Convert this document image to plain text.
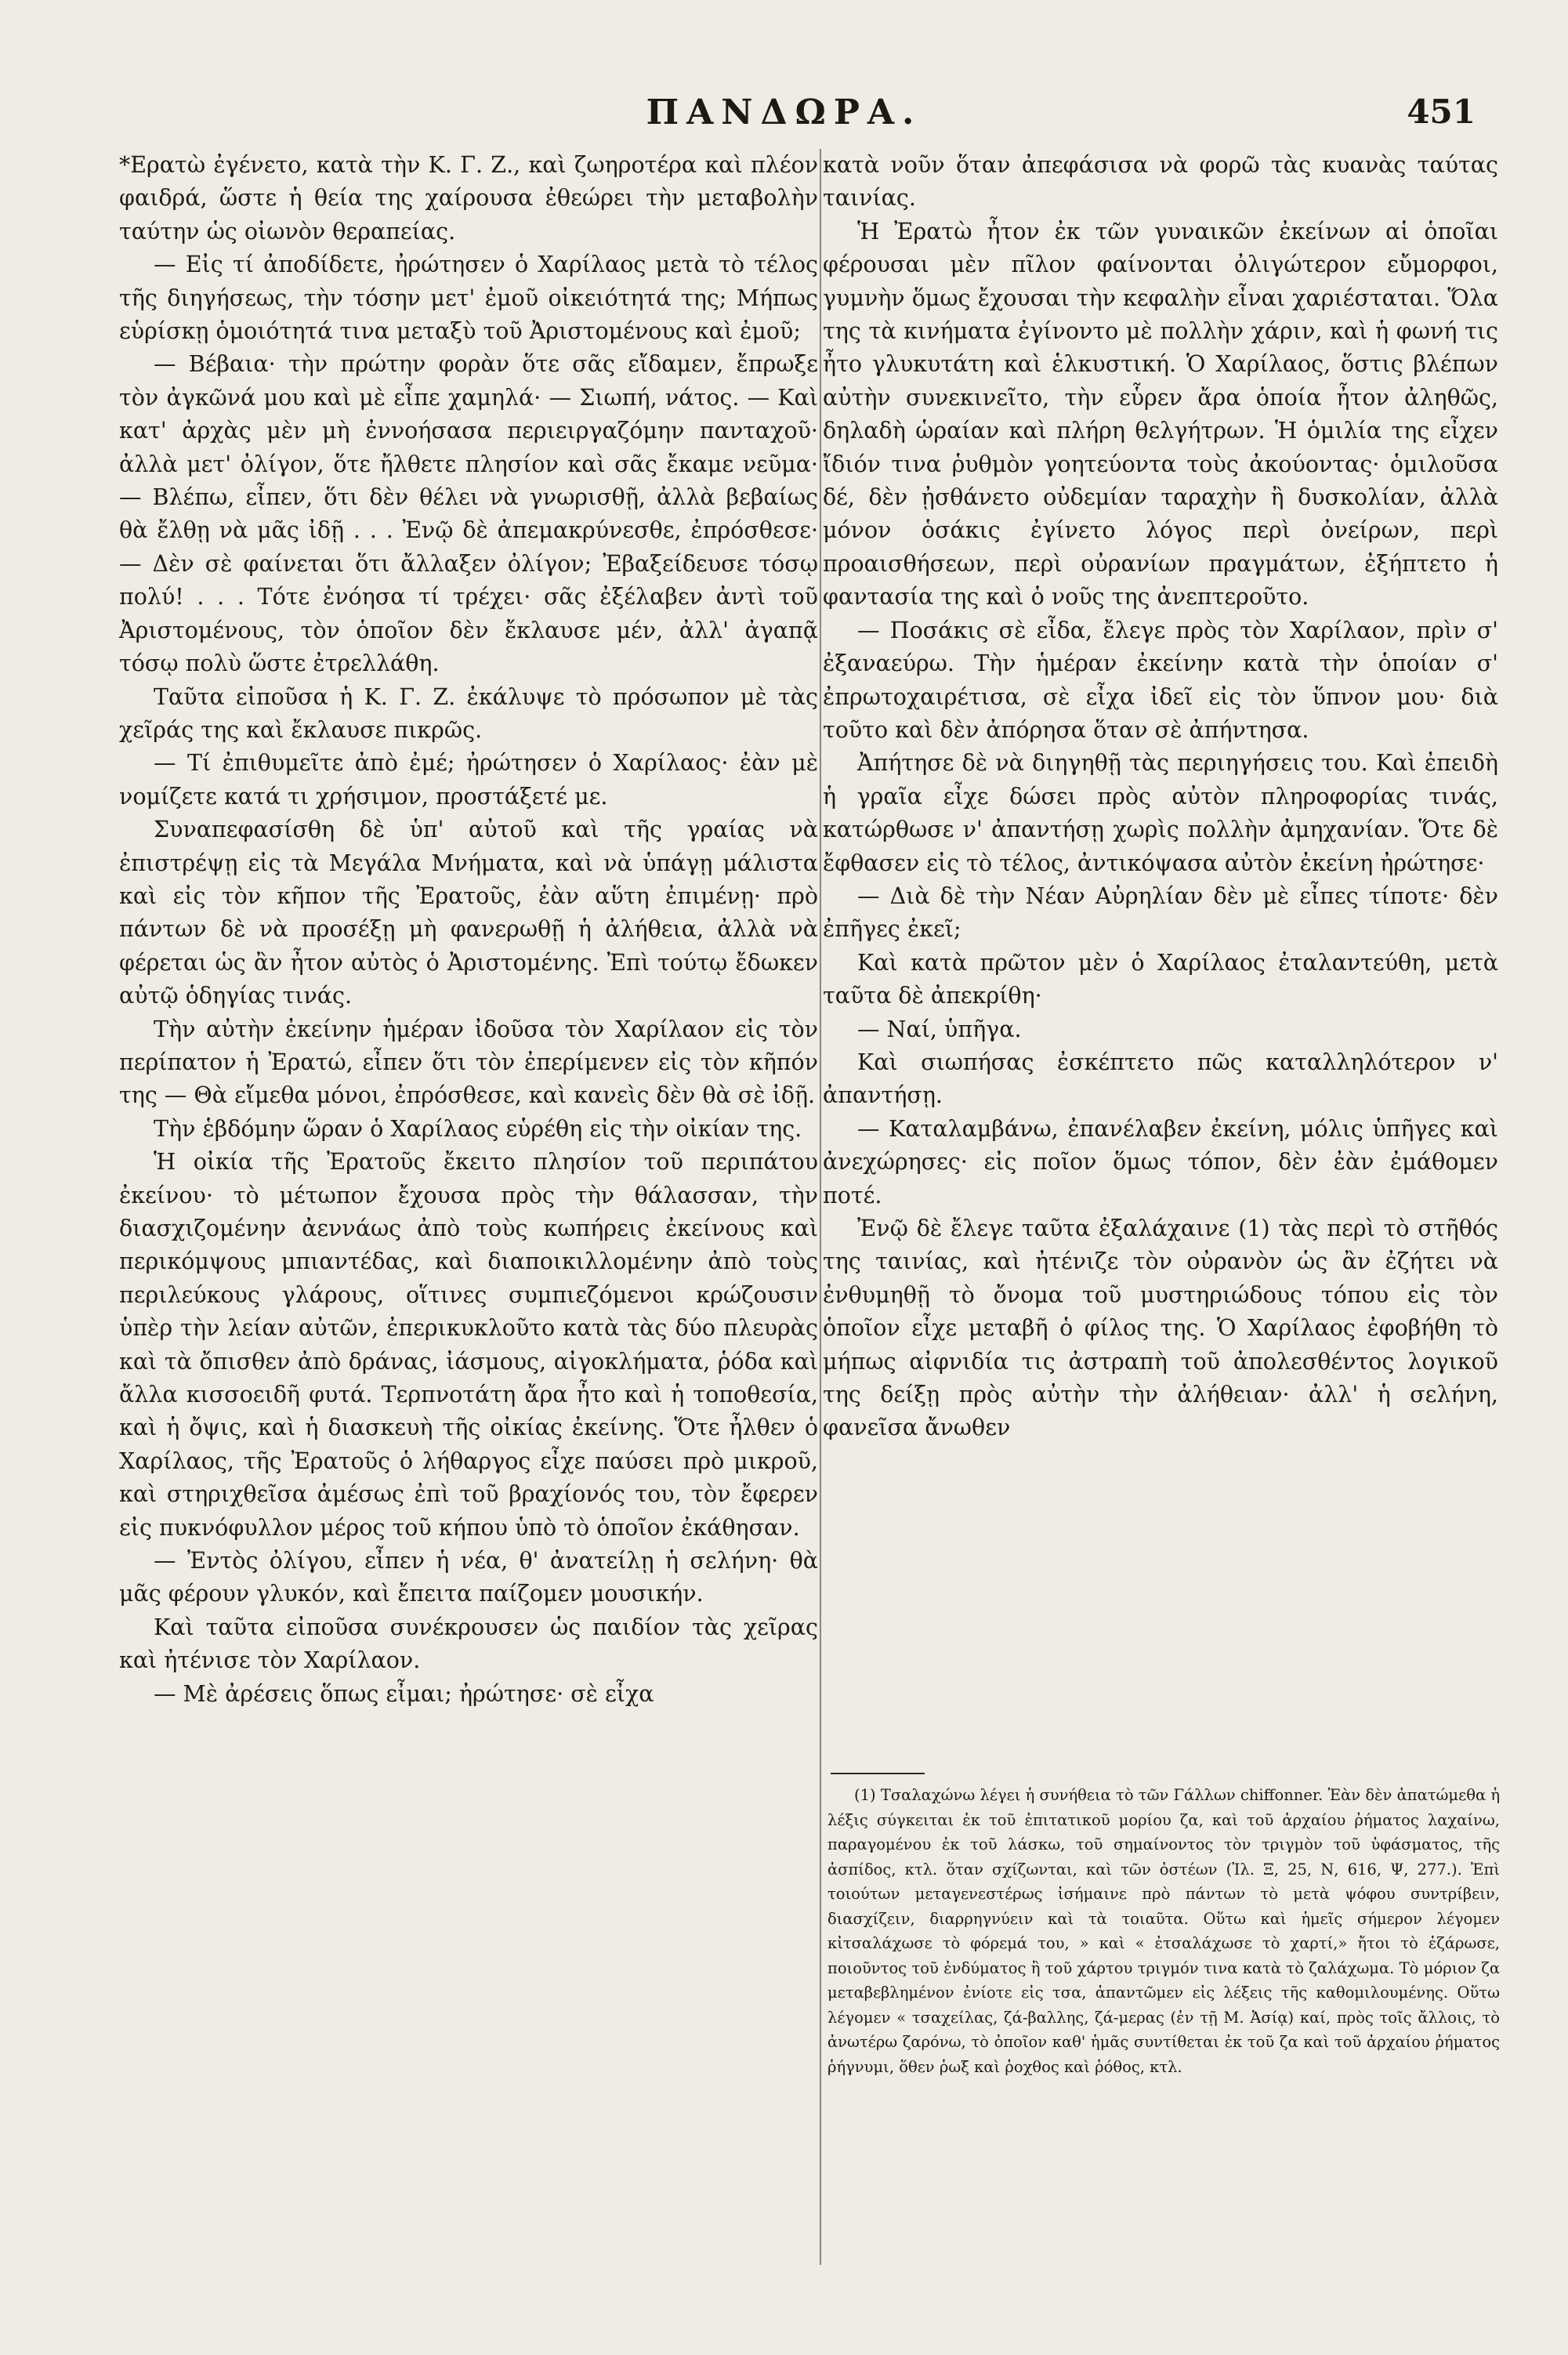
ΠΑΝΔΩΡΑ.	451

*Ερατὼ ἐγένετο, κατὰ τὴν Κ. Γ. Ζ., καὶ ζωηροτέρα καὶ πλέον φαιδρά, ὥστε ἡ θεία της χαίρουσα ἐθεώρει τὴν μεταβολὴν ταύτην ὡς οἰωνὸν θεραπείας.

— Εἰς τί ἀποδίδετε, ἠρώτησεν ὁ Χαρίλαος μετὰ τὸ τέλος τῆς διηγήσεως, τὴν τόσην μετ' ἐμοῦ οἰκειότητά της; Μήπως εὑρίσκῃ ὁμοιότητά τινα μεταξὺ τοῦ Ἀριστομένους καὶ ἐμοῦ;

— Βέβαια· τὴν πρώτην φορὰν ὅτε σᾶς εἴδαμεν, ἔπρωξε τὸν ἀγκῶνά μου καὶ μὲ εἶπε χαμηλά· — Σιωπή, νάτος. — Καὶ κατ' ἀρχὰς μὲν μὴ ἐννοήσασα περιειργαζόμην πανταχοῦ· ἀλλὰ μετ' ὀλίγον, ὅτε ἤλθετε πλησίον καὶ σᾶς ἔκαμε νεῦμα· — Βλέπω, εἶπεν, ὅτι δὲν θέλει νὰ γνωρισθῇ, ἀλλὰ βεβαίως θὰ ἔλθῃ νὰ μᾶς ἰδῇ . . . Ἐνῷ δὲ ἀπεμακρύνεσθε, ἐπρόσθεσε· — Δὲν σὲ φαίνεται ὅτι ἄλλαξεν ὀλίγον; Ἐβαξείδευσε τόσῳ πολύ! . . . Τότε ἐνόησα τί τρέχει· σᾶς ἐξέλαβεν ἀντὶ τοῦ Ἀριστομένους, τὸν ὁποῖον δὲν ἔκλαυσε μέν, ἀλλ' ἀγαπᾷ τόσῳ πολὺ ὥστε ἐτρελλάθη.

Ταῦτα εἰποῦσα ἡ Κ. Γ. Ζ. ἐκάλυψε τὸ πρόσωπον μὲ τὰς χεῖράς της καὶ ἔκλαυσε πικρῶς.

— Τί ἐπιθυμεῖτε ἀπὸ ἐμέ; ἠρώτησεν ὁ Χαρίλαος· ἐὰν μὲ νομίζετε κατά τι χρήσιμον, προστάξετέ με.

Συναπεφασίσθη δὲ ὑπ' αὐτοῦ καὶ τῆς γραίας νὰ ἐπιστρέψῃ εἰς τὰ Μεγάλα Μνήματα, καὶ νὰ ὑπάγῃ μάλιστα καὶ εἰς τὸν κῆπον τῆς Ἐρατοῦς, ἐὰν αὕτη ἐπιμένῃ· πρὸ πάντων δὲ νὰ προσέξῃ μὴ φανερωθῇ ἡ ἀλήθεια, ἀλλὰ νὰ φέρεται ὡς ἂν ἦτον αὐτὸς ὁ Ἀριστομένης. Ἐπὶ τούτῳ ἔδωκεν αὐτῷ ὁδηγίας τινάς.

Τὴν αὐτὴν ἐκείνην ἡμέραν ἰδοῦσα τὸν Χαρίλαον εἰς τὸν περίπατον ἡ Ἐρατώ, εἶπεν ὅτι τὸν ἐπερίμενεν εἰς τὸν κῆπόν της — Θὰ εἴμεθα μόνοι, ἐπρόσθεσε, καὶ κανεὶς δὲν θὰ σὲ ἰδῇ.

Τὴν ἑβδόμην ὥραν ὁ Χαρίλαος εὑρέθη εἰς τὴν οἰκίαν της.

Ἡ οἰκία τῆς Ἐρατοῦς ἔκειτο πλησίον τοῦ περιπάτου ἐκείνου· τὸ μέτωπον ἔχουσα πρὸς τὴν θάλασσαν, τὴν διασχιζομένην ἀεννάως ἀπὸ τοὺς κωπήρεις ἐκείνους καὶ περικόμψους μπιαντέδας, καὶ διαποικιλλομένην ἀπὸ τοὺς περιλεύκους γλάρους, οἵτινες συμπιεζόμενοι κρώζουσιν ὑπὲρ τὴν λείαν αὐτῶν, ἐπερικυκλοῦτο κατὰ τὰς δύο πλευρὰς καὶ τὰ ὄπισθεν ἀπὸ δράνας, ἰάσμους, αἰγοκλήματα, ῥόδα καὶ ἄλλα κισσοειδῆ φυτά. Τερπνοτάτη ἄρα ἦτο καὶ ἡ τοποθεσία, καὶ ἡ ὄψις, καὶ ἡ διασκευὴ τῆς οἰκίας ἐκείνης. Ὅτε ἦλθεν ὁ Χαρίλαος, τῆς Ἐρατοῦς ὁ λήθαργος εἶχε παύσει πρὸ μικροῦ, καὶ στηριχθεῖσα ἀμέσως ἐπὶ τοῦ βραχίονός του, τὸν ἔφερεν εἰς πυκνόφυλλον μέρος τοῦ κήπου ὑπὸ τὸ ὁποῖον ἐκάθησαν.

— Ἐντὸς ὀλίγου, εἶπεν ἡ νέα, θ' ἀνατείλῃ ἡ σελήνη· θὰ μᾶς φέρουν γλυκόν, καὶ ἔπειτα παίζομεν μουσικήν.

Καὶ ταῦτα εἰποῦσα συνέκρουσεν ὡς παιδίον τὰς χεῖρας καὶ ἠτένισε τὸν Χαρίλαον.

— Μὲ ἀρέσεις ὅπως εἶμαι; ἠρώτησε· σὲ εἶχα

κατὰ νοῦν ὅταν ἀπεφάσισα νὰ φορῶ τὰς κυανὰς ταύτας ταινίας.

Ἡ Ἐρατὼ ἦτον ἐκ τῶν γυναικῶν ἐκείνων αἱ ὁποῖαι φέρουσαι μὲν πῖλον φαίνονται ὀλιγώτερον εὔμορφοι, γυμνὴν ὅμως ἔχουσαι τὴν κεφαλὴν εἶναι χαριέσταται. Ὅλα της τὰ κινήματα ἐγίνοντο μὲ πολλὴν χάριν, καὶ ἡ φωνή τις ἦτο γλυκυτάτη καὶ ἑλκυστική. Ὁ Χαρίλαος, ὅστις βλέπων αὐτὴν συνεκινεῖτο, τὴν εὗρεν ἄρα ὁποία ἦτον ἀληθῶς, δηλαδὴ ὡραίαν καὶ πλήρη θελγήτρων. Ἡ ὁμιλία της εἶχεν ἴδιόν τινα ῥυθμὸν γοητεύοντα τοὺς ἀκούοντας· ὁμιλοῦσα δέ, δὲν ᾐσθάνετο οὐδεμίαν ταραχὴν ἢ δυσκολίαν, ἀλλὰ μόνον ὁσάκις ἐγίνετο λόγος περὶ ὀνείρων, περὶ προαισθήσεων, περὶ οὐρανίων πραγμάτων, ἐξήπτετο ἡ φαντασία της καὶ ὁ νοῦς της ἀνεπτεροῦτο.

— Ποσάκις σὲ εἶδα, ἔλεγε πρὸς τὸν Χαρίλαον, πρὶν σ' ἐξαναεύρω. Τὴν ἡμέραν ἐκείνην κατὰ τὴν ὁποίαν σ' ἐπρωτοχαιρέτισα, σὲ εἶχα ἰδεῖ εἰς τὸν ὕπνον μου· διὰ τοῦτο καὶ δὲν ἀπόρησα ὅταν σὲ ἀπήντησα.

Ἀπήτησε δὲ νὰ διηγηθῇ τὰς περιηγήσεις του. Καὶ ἐπειδὴ ἡ γραῖα εἶχε δώσει πρὸς αὐτὸν πληροφορίας τινάς, κατώρθωσε ν' ἀπαντήσῃ χωρὶς πολλὴν ἀμηχανίαν. Ὅτε δὲ ἔφθασεν εἰς τὸ τέλος, ἀντικόψασα αὐτὸν ἐκείνη ἠρώτησε·

— Διὰ δὲ τὴν Νέαν Αὐρηλίαν δὲν μὲ εἶπες τίποτε· δὲν ἐπῆγες ἐκεῖ;

Καὶ κατὰ πρῶτον μὲν ὁ Χαρίλαος ἐταλαντεύθη, μετὰ ταῦτα δὲ ἀπεκρίθη·

— Ναί, ὑπῆγα.

Καὶ σιωπήσας ἐσκέπτετο πῶς καταλληλότερον ν' ἀπαντήσῃ.

— Καταλαμβάνω, ἐπανέλαβεν ἐκείνη, μόλις ὑπῆγες καὶ ἀνεχώρησες· εἰς ποῖον ὅμως τόπον, δὲν ἐὰν ἐμάθομεν ποτέ.

Ἐνῷ δὲ ἔλεγε ταῦτα ἐξαλάχαινε (1) τὰς περὶ τὸ στῆθός της ταινίας, καὶ ἠτένιζε τὸν οὐρανὸν ὡς ἂν ἐζήτει νὰ ἐνθυμηθῇ τὸ ὄνομα τοῦ μυστηριώδους τόπου εἰς τὸν ὁποῖον εἶχε μεταβῆ ὁ φίλος της. Ὁ Χαρίλαος ἐφοβήθη τὸ μήπως αἰφνιδία τις ἀστραπὴ τοῦ ἀπολεσθέντος λογικοῦ της δείξῃ πρὸς αὐτὴν τὴν ἀλήθειαν· ἀλλ' ἡ σελήνη, φανεῖσα ἄνωθεν

(1) Τσαλαχώνω λέγει ἡ συνήθεια τὸ τῶν Γάλλων chiffonner. Ἐὰν δὲν ἀπατώμεθα ἡ λέξις σύγκειται ἐκ τοῦ ἐπιτατικοῦ μορίου ζα, καὶ τοῦ ἀρχαίου ῥήματος λαχαίνω, παραγομένου ἐκ τοῦ λάσκω, τοῦ σημαίνοντος τὸν τριγμὸν τοῦ ὑφάσματος, τῆς ἀσπίδος, κτλ. ὅταν σχίζωνται, καὶ τῶν ὀστέων (Ἰλ. Ξ, 25, Ν, 616, Ψ, 277.). Ἐπὶ τοιούτων μεταγενεστέρως ἰσήμαινε πρὸ πάντων τὸ μετὰ ψόφου συντρίβειν, διασχίζειν, διαρρηγνύειν καὶ τὰ τοιαῦτα. Οὕτω καὶ ἡμεῖς σήμερον λέγομεν κἰτσαλάχωσε τὸ φόρεμά του, » καὶ « ἐτσαλάχωσε τὸ χαρτί,» ἤτοι τὸ ἐζάρωσε, ποιοῦντος τοῦ ἐνδύματος ἢ τοῦ χάρτου τριγμόν τινα κατὰ τὸ ζαλάχωμα. Τὸ μόριον ζα μεταβεβλημένον ἐνίοτε εἰς τσα, ἀπαντῶμεν εἰς λέξεις τῆς καθομιλουμένης. Οὕτω λέγομεν « τσαχείλας, ζά-βαλλης, ζά-μερας (ἐν τῇ Μ. Ἀσίᾳ) καί, πρὸς τοῖς ἄλλοις, τὸ ἀνωτέρω ζαρόνω, τὸ ὁποῖον καθ' ἡμᾶς συντίθεται ἐκ τοῦ ζα καὶ τοῦ ἀρχαίου ῥήματος ῥήγνυμι, ὅθεν ῥωξ καὶ ῥοχθος καὶ ῥόθος, κτλ.
